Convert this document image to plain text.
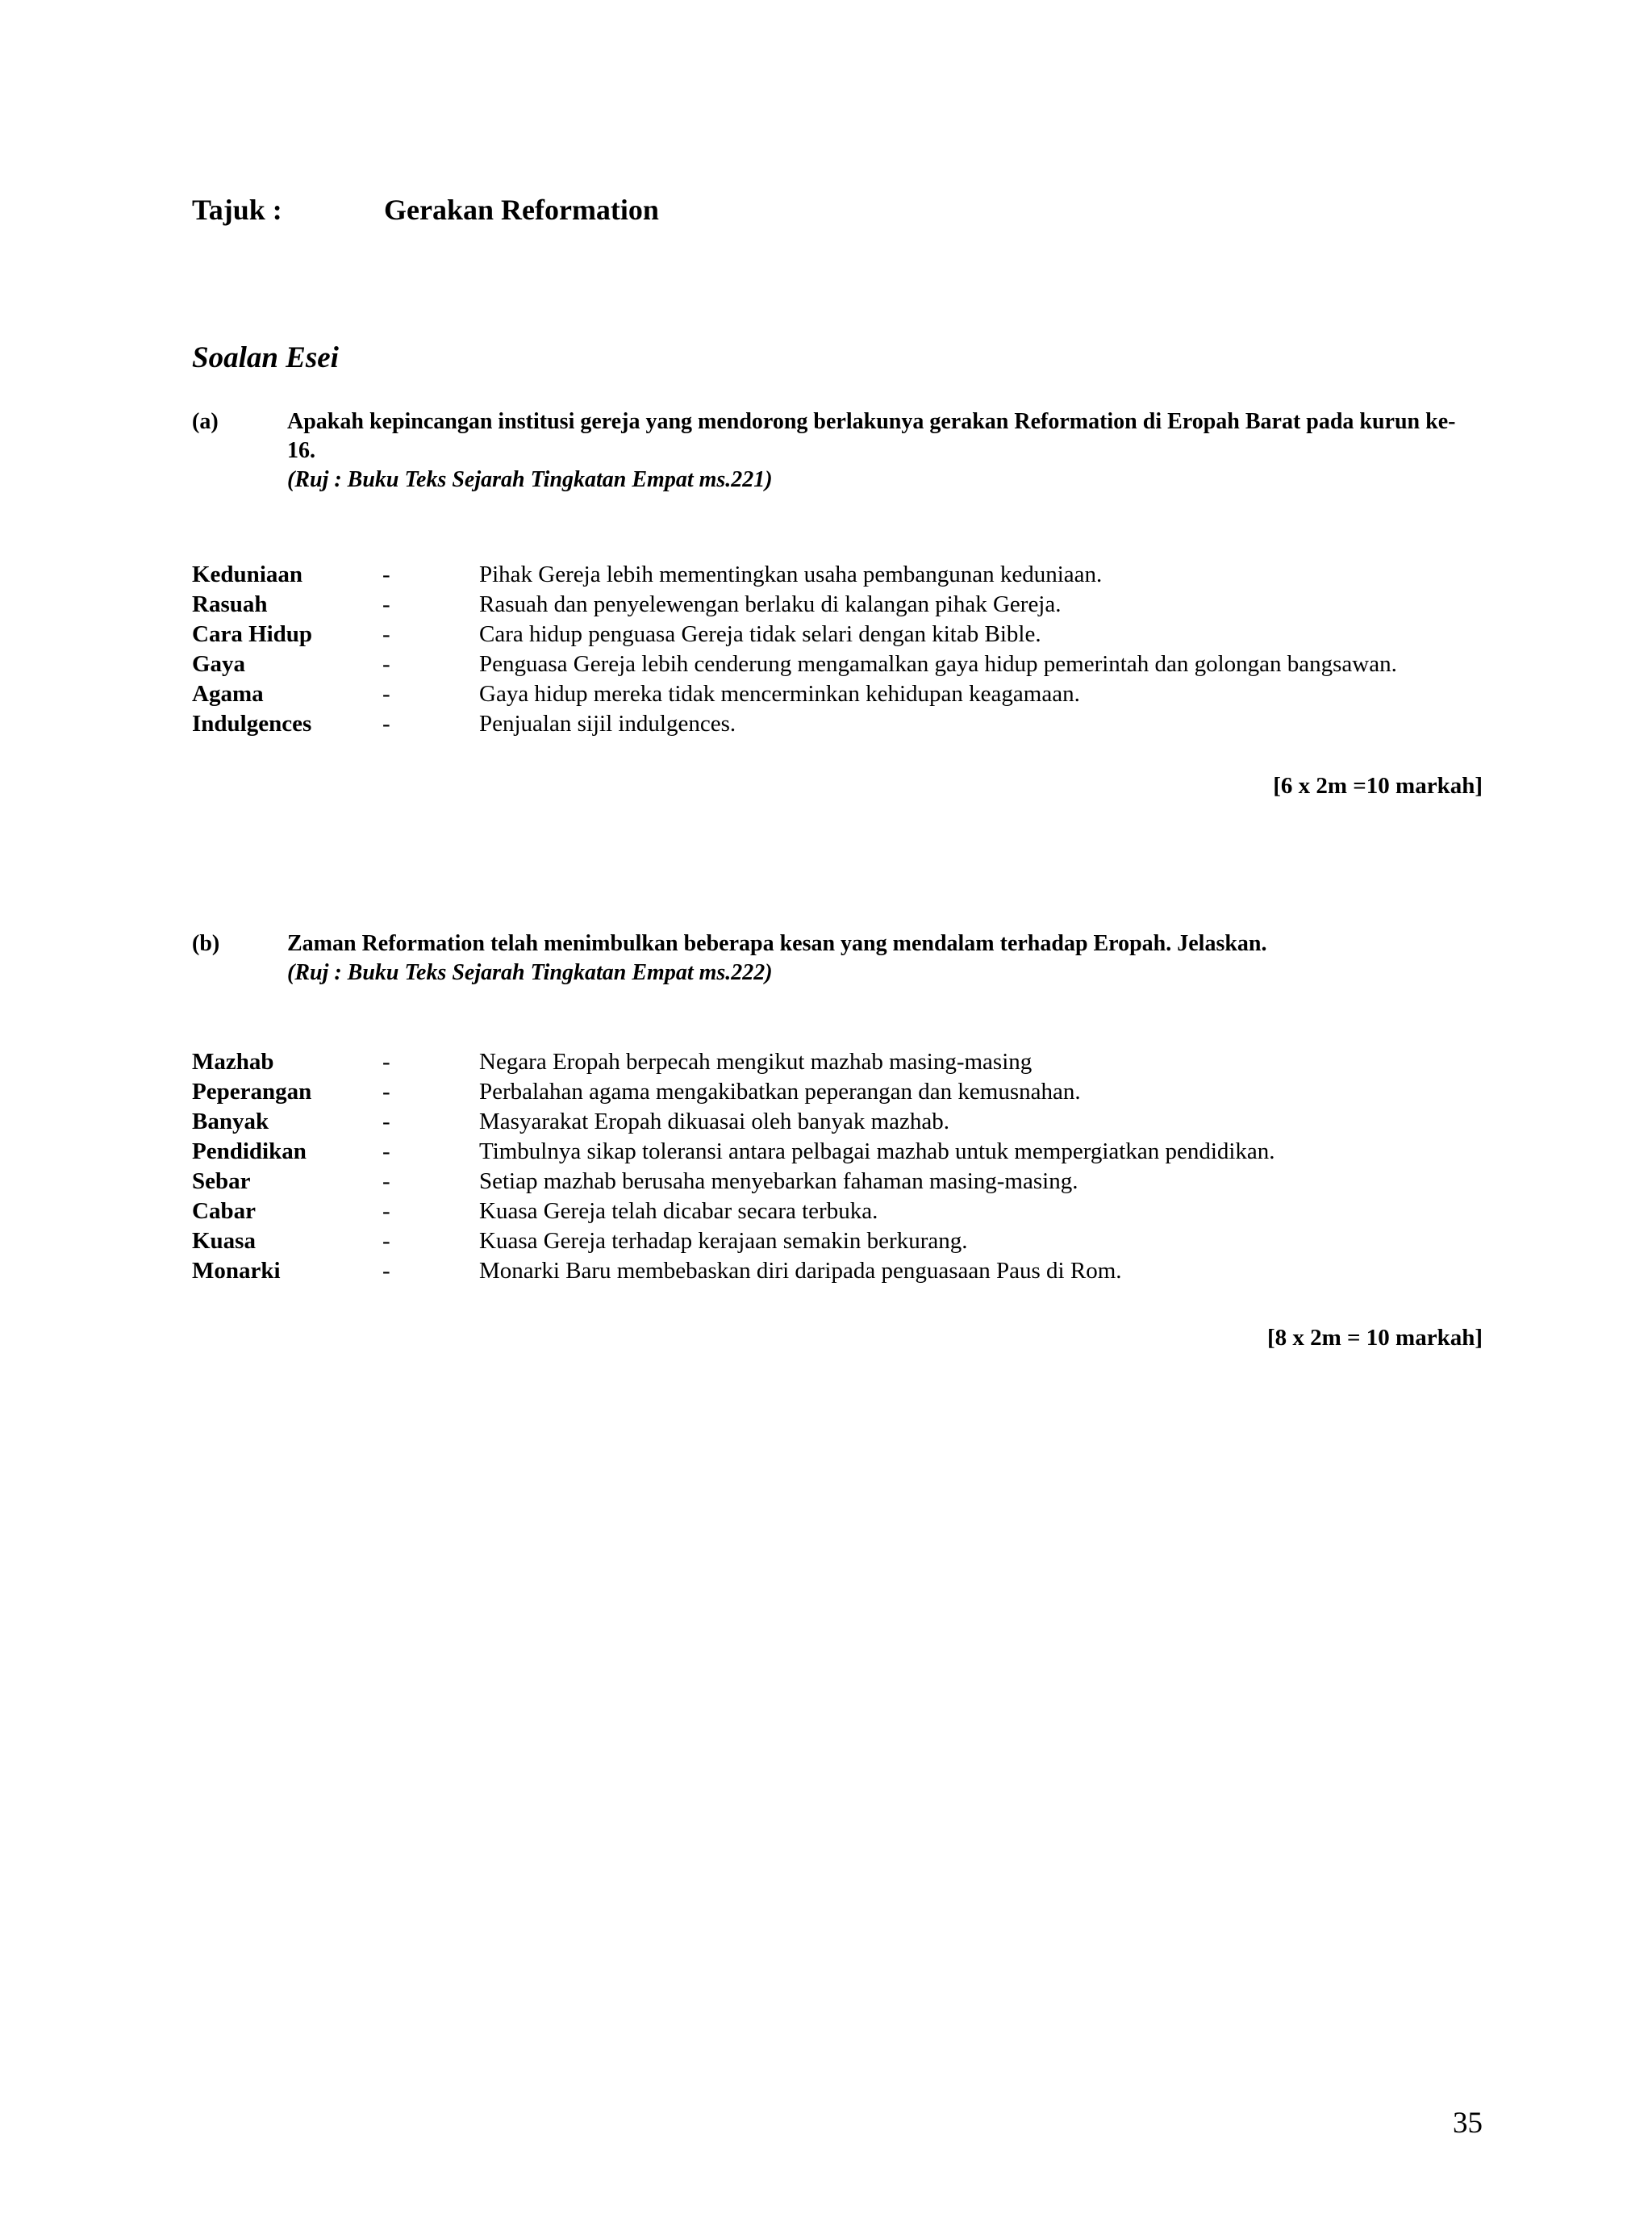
Tajuk :	Gerakan Reformation
Soalan Esei
(a)	Apakah kepincangan institusi gereja yang mendorong berlakunya gerakan Reformation di Eropah Barat pada kurun ke-16.
(Ruj : Buku Teks Sejarah Tingkatan Empat ms.221)
Keduniaan	-	Pihak Gereja lebih mementingkan usaha pembangunan keduniaan.
Rasuah	-	Rasuah dan penyelewengan berlaku di kalangan pihak Gereja.
Cara Hidup	-	Cara hidup penguasa Gereja tidak selari dengan kitab Bible.
Gaya	-	Penguasa Gereja lebih cenderung mengamalkan gaya hidup pemerintah dan golongan bangsawan.
Agama	-	Gaya hidup mereka tidak mencerminkan kehidupan keagamaan.
Indulgences	-	Penjualan sijil indulgences.
[6 x 2m =10 markah]
(b)	Zaman Reformation telah menimbulkan beberapa kesan yang mendalam terhadap Eropah. Jelaskan.
(Ruj : Buku Teks Sejarah Tingkatan Empat ms.222)
Mazhab	-	Negara Eropah berpecah mengikut mazhab masing-masing
Peperangan	-	Perbalahan agama mengakibatkan peperangan dan kemusnahan.
Banyak	-	Masyarakat Eropah dikuasai oleh banyak mazhab.
Pendidikan	-	Timbulnya sikap toleransi antara pelbagai mazhab untuk mempergiatkan pendidikan.
Sebar	-	Setiap mazhab berusaha menyebarkan fahaman masing-masing.
Cabar	-	Kuasa Gereja telah dicabar secara terbuka.
Kuasa	-	Kuasa Gereja terhadap kerajaan semakin berkurang.
Monarki	-	Monarki Baru membebaskan diri daripada penguasaan Paus di Rom.
[8 x 2m = 10 markah]
35
